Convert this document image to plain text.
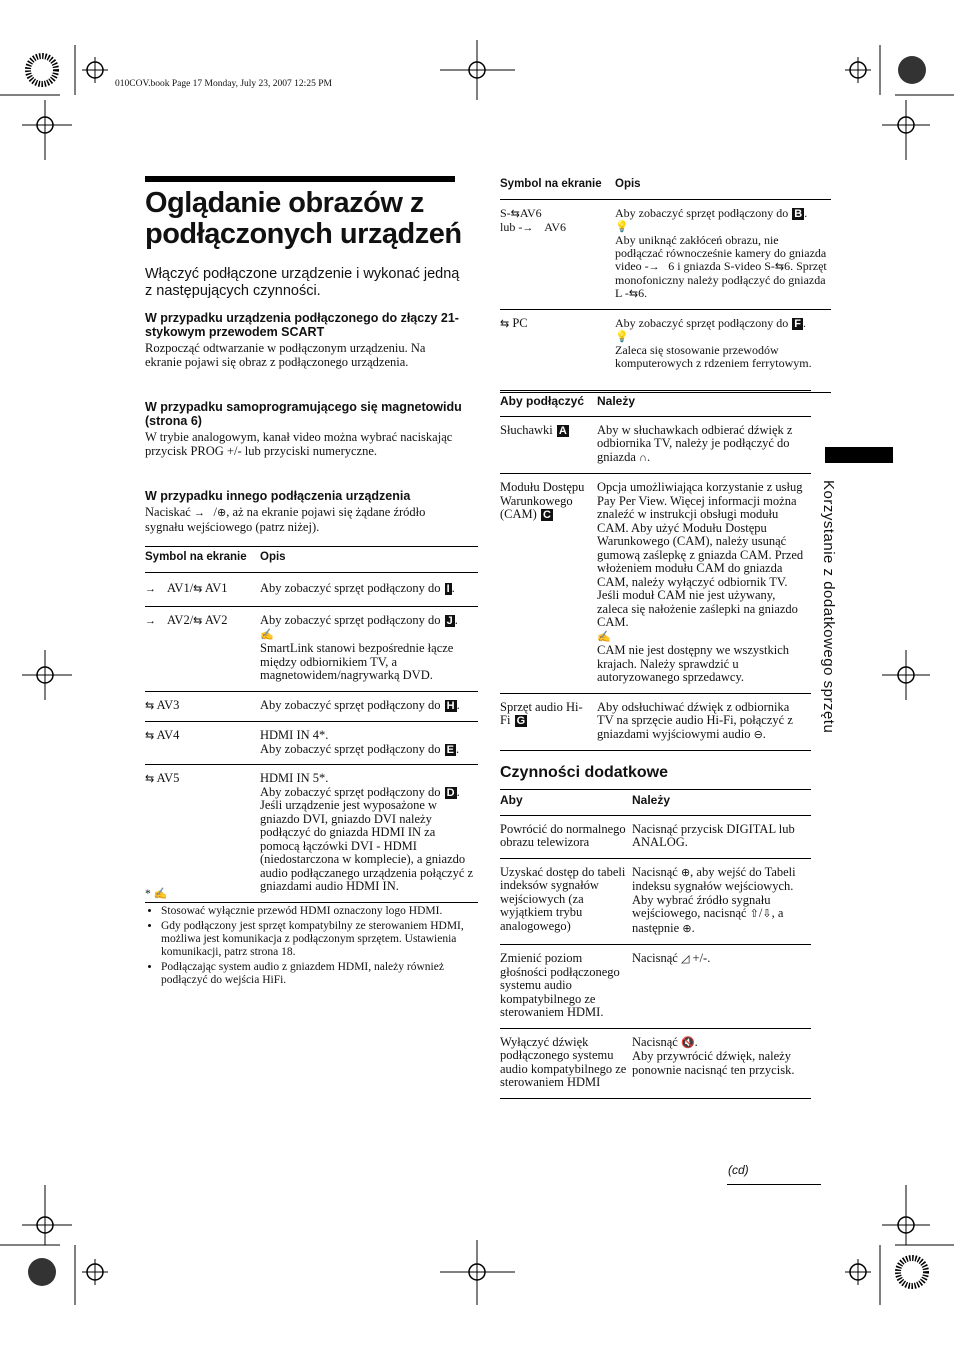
010COV.book Page 17 Monday, July 23, 2007 12:25 PM
Oglądanie obrazów z podłączonych urządzeń
Włączyć podłączone urządzenie i wykonać jedną z następujących czynności.
W przypadku urządzenia podłączonego do złączy 21-stykowym przewodem SCART
Rozpocząć odtwarzanie w podłączonym urządzeniu. Na ekranie pojawi się obraz z podłączonego urządzenia.
W przypadku samoprogramującego się magnetowidu (strona 6)
W trybie analogowym, kanał video można wybrać naciskając przycisk PROG +/- lub przyciski numeryczne.
W przypadku innego podłączenia urządzenia
Naciskać →⃝/⊕, aż na ekranie pojawi się żądane źródło sygnału wejściowego (patrz niżej).
Symbol na ekranie	Opis
→⃝ AV1/⇆ AV1	Aby zobaczyć sprzęt podłączony do I .
→⃝ AV2/⇆ AV2	Aby zobaczyć sprzęt podłączony do J .
✍
SmartLink stanowi bezpośrednie łącze między odbiornikiem TV, a magnetowidem/nagrywarką DVD.
⇆ AV3	Aby zobaczyć sprzęt podłączony do H .
⇆ AV4	HDMI IN 4*.
Aby zobaczyć sprzęt podłączony do E .
⇆ AV5	HDMI IN 5*.
Aby zobaczyć sprzęt podłączony do D .
Jeśli urządzenie jest wyposażone w gniazdo DVI, gniazdo DVI należy podłączyć do gniazda HDMI IN za pomocą łączówki DVI - HDMI (niedostarczona w komplecie), a gniazdo audio podłączanego urządzenia połączyć z gniazdami audio HDMI IN.
* ✍
• Stosować wyłącznie przewód HDMI oznaczony logo HDMI.
• Gdy podłączony jest sprzęt kompatybilny ze sterowaniem HDMI, możliwa jest komunikacja z podłączonym sprzętem. Ustawienia komunikacji, patrz strona 18.
• Podłączając system audio z gniazdem HDMI, należy również podłączyć do wejścia HiFi.
Symbol na ekranie	Opis
S-⇆AV6
lub -→⃝ AV6	Aby zobaczyć sprzęt podłączony do B .
💡
Aby uniknąć zakłóceń obrazu, nie podłączać równocześnie kamery do gniazda video -→⃝6 i gniazda S-video S-⇆6. Sprzęt monofoniczny należy podłączyć do gniazda L -⇆6.
⇆ PC	Aby zobaczyć sprzęt podłączony do F .
💡
Zaleca się stosowanie przewodów komputerowych z rdzeniem ferrytowym.
Aby podłączyć	Należy
Słuchawki A	Aby w słuchawkach odbierać dźwięk z odbiornika TV, należy je podłączyć do gniazda ∩.
Modułu Dostępu Warunkowego (CAM) C	Opcja umożliwiająca korzystanie z usług Pay Per View. Więcej informacji można znaleźć w instrukcji obsługi modułu CAM. Aby użyć Modułu Dostępu Warunkowego (CAM), należy usunąć gumową zaślepkę z gniazda CAM. Przed włożeniem modułu CAM do gniazda CAM, należy wyłączyć odbiornik TV. Jeśli moduł CAM nie jest używany, zaleca się nałożenie zaślepki na gniazdo CAM.
✍
CAM nie jest dostępny we wszystkich krajach. Należy sprawdzić u autoryzowanego sprzedawcy.
Sprzęt audio Hi-Fi G	Aby odsłuchiwać dźwięk z odbiornika TV na sprzęcie audio Hi-Fi, połączyć z gniazdami wyjściowymi audio ⊖.
Czynności dodatkowe
Aby	Należy
Powrócić do normalnego obrazu telewizora	Nacisnąć przycisk DIGITAL lub ANALOG.
Uzyskać dostęp do tabeli indeksów sygnałów wejściowych (za wyjątkiem trybu analogowego)	Nacisnąć ⊕, aby wejść do Tabeli indeksu sygnałów wejściowych. Aby wybrać źródło sygnału wejściowego, nacisnąć ⇧/⇩, a następnie ⊕.
Zmienić poziom głośności podłączonego systemu audio kompatybilnego ze sterowaniem HDMI.	Nacisnąć ◿ +/-.
Wyłączyć dźwięk podłączonego systemu audio kompatybilnego ze sterowaniem HDMI	Nacisnąć 🔇.
Aby przywrócić dźwięk, należy ponownie nacisnąć ten przycisk.
Korzystanie z dodatkowego sprzętu
(cd)
